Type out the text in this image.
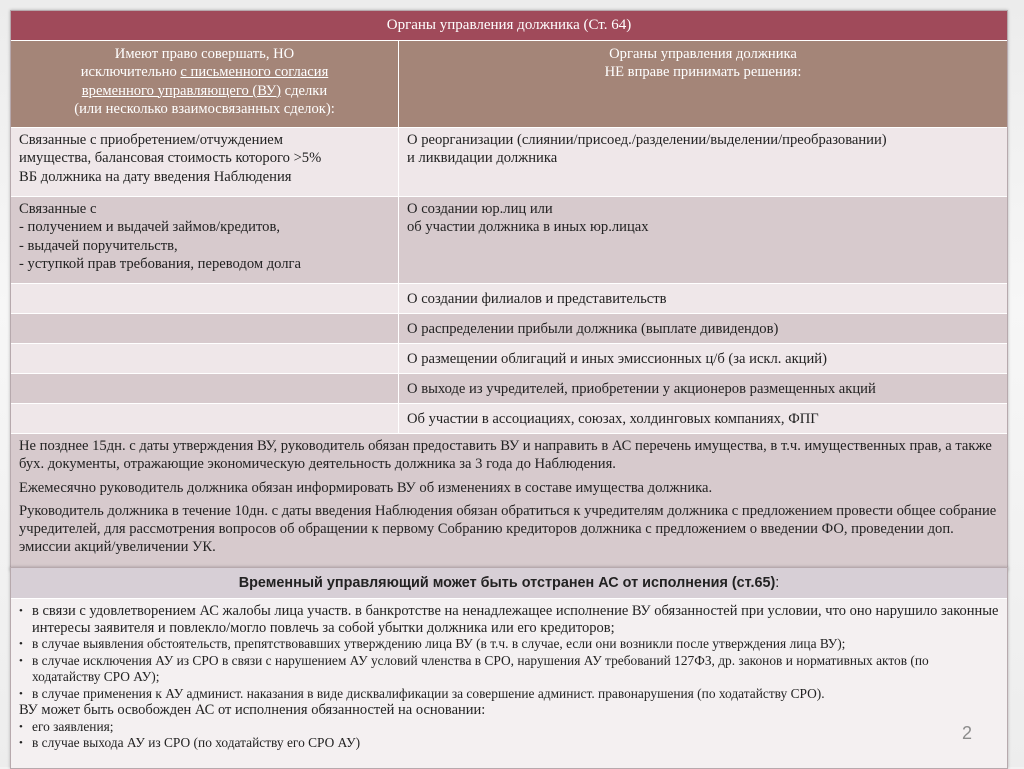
Органы управления должника (Ст. 64)
Имеют право совершать, НО
исключительно с письменного согласия
временного управляющего (ВУ) сделки
(или несколько взаимосвязанных сделок):
Органы управления должника
НЕ вправе принимать решения:
Связанные с приобретением/отчуждением
имущества, балансовая стоимость которого >5%
ВБ должника на дату введения Наблюдения
О реорганизации (слиянии/присоед./разделении/выделении/преобразовании)
и ликвидации должника
Связанные с
- получением и выдачей займов/кредитов,
- выдачей поручительств,
- уступкой прав требования, переводом долга
О создании юр.лиц или
об участии должника в иных юр.лицах
О создании филиалов и представительств
О распределении прибыли должника (выплате дивидендов)
О размещении облигаций и иных эмиссионных ц/б (за искл. акций)
О выходе из учредителей, приобретении у акционеров размещенных акций
Об участии в ассоциациях, союзах, холдинговых компаниях, ФПГ

Не позднее 15дн. с даты утверждения ВУ, руководитель обязан предоставить ВУ и направить в АС перечень имущества, в т.ч. имущественных прав, а также бух. документы, отражающие экономическую деятельность должника за 3 года до Наблюдения.

Ежемесячно руководитель должника обязан информировать ВУ об изменениях в составе имущества должника.

Руководитель должника в течение 10дн. с даты введения Наблюдения обязан обратиться к учредителям должника с предложением провести общее собрание учредителей, для рассмотрения вопросов об обращении к первому Собранию кредиторов должника с предложением о введении ФО, проведении доп. эмиссии акций/увеличении УК.

Временный управляющий может быть отстранен АС от исполнения (ст.65):
• в связи с удовлетворением АС жалобы лица участв. в банкротстве на ненадлежащее исполнение ВУ обязанностей при условии, что оно нарушило законные интересы заявителя и повлекло/могло повлечь за собой убытки должника или его кредиторов;
• в случае выявления обстоятельств, препятствовавших утверждению лица ВУ (в т.ч. в случае, если они возникли после утверждения лица ВУ);
• в случае исключения АУ из СРО в связи с нарушением АУ условий членства в СРО, нарушения АУ требований 127ФЗ, др. законов и нормативных актов (по ходатайству СРО АУ);
• в случае применения к АУ админист. наказания в виде дисквалификации за совершение админист. правонарушения (по ходатайству СРО).
ВУ может быть освобожден АС от исполнения обязанностей на основании:
• его заявления;
• в случае выхода АУ из СРО (по ходатайству его СРО АУ)	2
